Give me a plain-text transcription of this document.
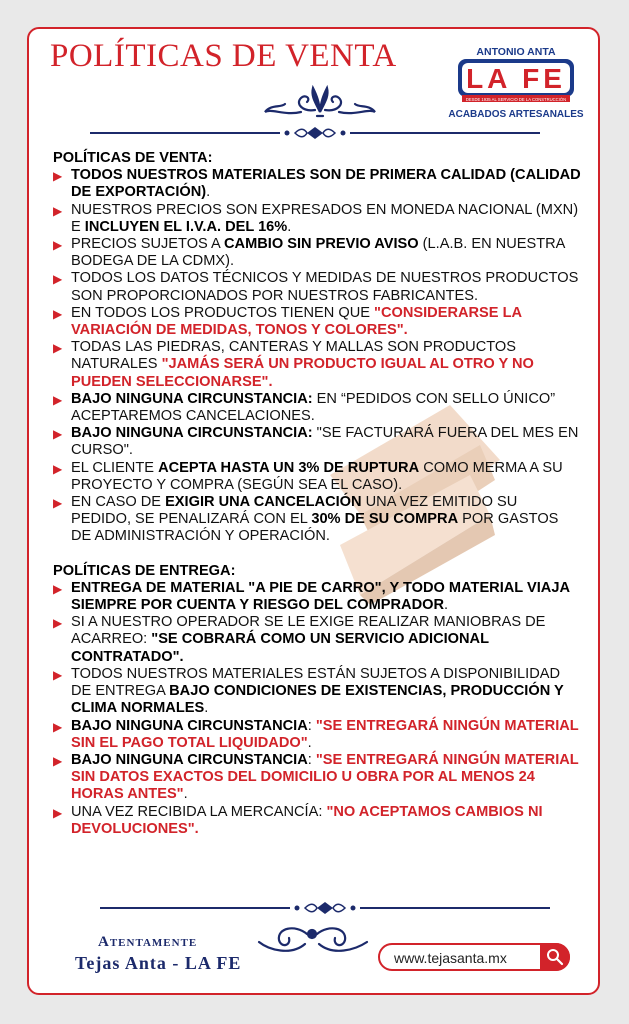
POLÍTICAS DE VENTA	ANTONIO ANTA
LA FE
DESDE 1935 AL SERVICIO DE LA CONSTRUCCIÓN
ACABADOS ARTESANALES
POLÍTICAS DE VENTA:
▶ TODOS NUESTROS MATERIALES SON DE PRIMERA CALIDAD (CALIDAD DE EXPORTACIÓN).
▶ NUESTROS PRECIOS SON EXPRESADOS EN MONEDA NACIONAL (MXN) E INCLUYEN EL I.V.A. DEL 16%.
▶ PRECIOS SUJETOS A CAMBIO SIN PREVIO AVISO (L.A.B. EN NUESTRA BODEGA DE LA CDMX).
▶ TODOS LOS DATOS TÉCNICOS Y MEDIDAS DE NUESTROS PRODUCTOS SON PROPORCIONADOS POR NUESTROS FABRICANTES.
▶ EN TODOS LOS PRODUCTOS TIENEN QUE "CONSIDERARSE LA VARIACIÓN DE MEDIDAS, TONOS Y COLORES".
▶ TODAS LAS PIEDRAS, CANTERAS Y MALLAS SON PRODUCTOS NATURALES "JAMÁS SERÁ UN PRODUCTO IGUAL AL OTRO Y NO PUEDEN SELECCIONARSE".
▶ BAJO NINGUNA CIRCUNSTANCIA: EN “PEDIDOS CON SELLO ÚNICO” ACEPTAREMOS CANCELACIONES.
▶ BAJO NINGUNA CIRCUNSTANCIA: "SE FACTURARÁ FUERA DEL MES EN CURSO".
▶ EL CLIENTE ACEPTA HASTA UN 3% DE RUPTURA COMO MERMA A SU PROYECTO Y COMPRA (SEGÚN SEA EL CASO).
▶ EN CASO DE EXIGIR UNA CANCELACIÓN UNA VEZ EMITIDO SU PEDIDO, SE PENALIZARÁ CON EL 30% DE SU COMPRA POR GASTOS DE ADMINISTRACIÓN Y OPERACIÓN.
POLÍTICAS DE ENTREGA:
▶ ENTREGA DE MATERIAL "A PIE DE CARRO", Y TODO MATERIAL VIAJA SIEMPRE POR CUENTA Y RIESGO DEL COMPRADOR.
▶ SI A NUESTRO OPERADOR SE LE EXIGE REALIZAR MANIOBRAS DE ACARREO: "SE COBRARÁ COMO UN SERVICIO ADICIONAL CONTRATADO".
▶ TODOS NUESTROS MATERIALES ESTÁN SUJETOS A DISPONIBILIDAD DE ENTREGA BAJO CONDICIONES DE EXISTENCIAS, PRODUCCIÓN Y CLIMA NORMALES.
▶ BAJO NINGUNA CIRCUNSTANCIA: "SE ENTREGARÁ NINGÚN MATERIAL SIN EL PAGO TOTAL LIQUIDADO".
▶ BAJO NINGUNA CIRCUNSTANCIA: "SE ENTREGARÁ NINGÚN MATERIAL SIN DATOS EXACTOS DEL DOMICILIO U OBRA POR AL MENOS 24 HORAS ANTES".
▶ UNA VEZ RECIBIDA LA MERCANCÍA: "NO ACEPTAMOS CAMBIOS NI DEVOLUCIONES".
Atentamente
Tejas Anta - LA FE	www.tejasanta.mx
